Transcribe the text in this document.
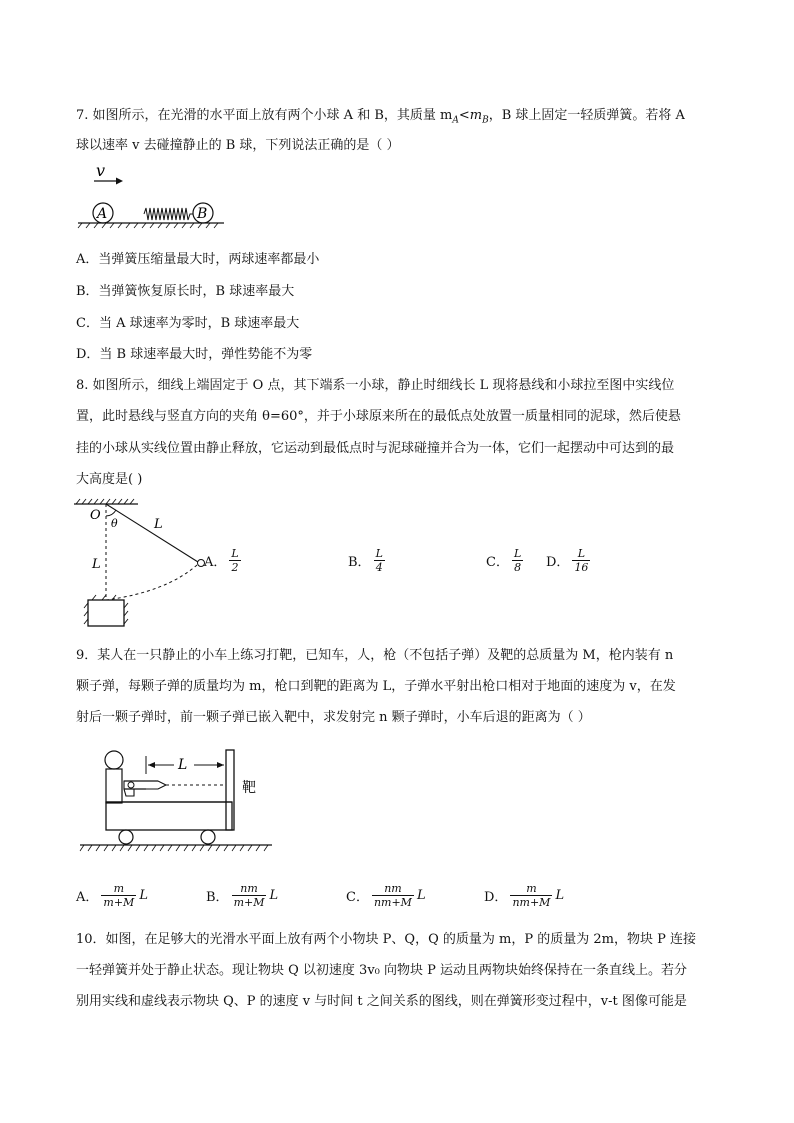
7. 如图所示，在光滑的水平面上放有两个小球 A 和 B，其质量 $m_A<m_B$，B 球上固定一轻质弹簧。若将 A
球以速率 v 去碰撞静止的 B 球，下列说法正确的是（ ）
v
A	B
A．当弹簧压缩量最大时，两球速率都最小
B．当弹簧恢复原长时，B 球速率最大
C．当 A 球速率为零时，B 球速率最大
D．当 B 球速率最大时，弹性势能不为零
8. 如图所示，细线上端固定于 O 点，其下端系一小球，静止时细线长 L 现将悬线和小球拉至图中实线位
置，此时悬线与竖直方向的夹角 θ=60°，并于小球原来所在的最低点处放置一质量相同的泥球，然后使悬
挂的小球从实线位置由静止释放，它运动到最低点时与泥球碰撞并合为一体，它们一起摆动中可达到的最
大高度是( )
O
θ	L
L	A． $\frac{L}{2}$	B． $\frac{L}{4}$	C． $\frac{L}{8}$ D． $\frac{L}{16}$
9．某人在一只静止的小车上练习打靶，已知车，人，枪（不包括子弹）及靶的总质量为 M，枪内装有 n
颗子弹，每颗子弹的质量均为 m，枪口到靶的距离为 L，子弹水平射出枪口相对于地面的速度为 v，在发
射后一颗子弹时，前一颗子弹已嵌入靶中，求发射完 n 颗子弹时，小车后退的距离为（ ）
靶
L
A． $\frac{m}{m+M}$ L	B． $\frac{nm}{m+M}$ L	C． $\frac{nm}{nm+M}$ L	D． $\frac{m}{nm+M}$ L
10．如图，在足够大的光滑水平面上放有两个小物块 P、Q，Q 的质量为 m，P 的质量为 2m，物块 P 连接
一轻弹簧并处于静止状态。现让物块 Q 以初速度 3v₀ 向物块 P 运动且两物块始终保持在一条直线上。若分
别用实线和虚线表示物块 Q、P 的速度 v 与时间 t 之间关系的图线，则在弹簧形变过程中，v-t 图像可能是
